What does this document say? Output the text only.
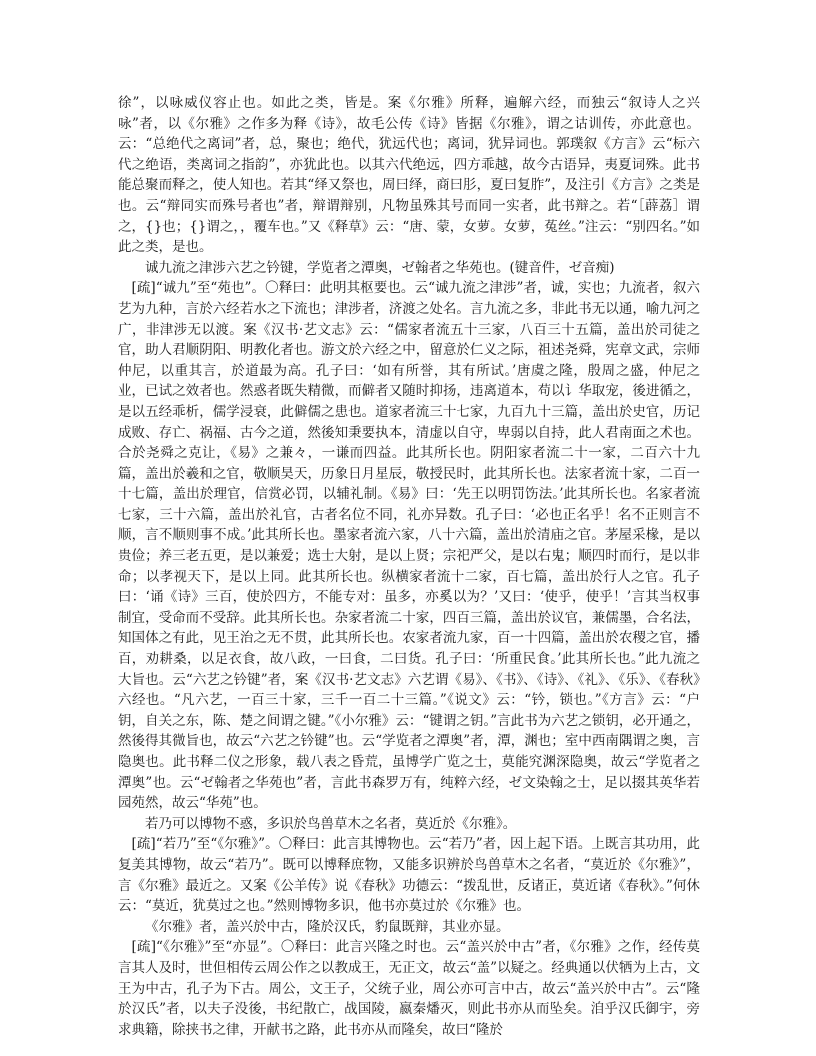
徐”，以咏威仪容止也。如此之类，皆是。案《尔雅》所释，遍解六经，而独云“叙诗人之兴咏”者，以《尔雅》之作多为释《诗》，故毛公传《诗》皆据《尔雅》，谓之诂训传，亦此意也。云：“总绝代之离词”者，总，聚也；绝代，犹远代也；离词，犹异词也。郭璞叙《方言》云“标六代之绝语，类离词之指韵”，亦犹此也。以其六代绝远，四方乖越，故今古语异，夷夏词殊。此书能总聚而释之，使人知也。若其“绎又祭也，周曰绎，商曰肜，夏曰复胙”，及注引《方言》之类是也。云“辩同实而殊号者也”者，辩谓辩别，凡物虽殊其号而同一实者，此书辩之。若“［薜荔］谓之，{}也；{}谓之，，覆车也。”又《释草》云：“唐、蒙，女萝。女萝，菟丝。”注云：“别四名。”如此之类，是也。

诚九流之津涉六艺之钤键，学览者之潭奥，ゼ翰者之华苑也。(键音件，ゼ音痴)

[疏]“诚九”至“苑也”。〇释曰：此明其枢要也。云“诚九流之津涉”者，诚，实也；九流者，叙六艺为九种，言於六经若水之下流也；津涉者，济渡之处名。言九流之多，非此书无以通，喻九河之广，非津涉无以渡。案《汉书·艺文志》云：“儒家者流五十三家，八百三十五篇，盖出於司徒之官，助人君顺阴阳、明教化者也。游文於六经之中，留意於仁义之际，祖述尧舜，宪章文武，宗师仲尼，以重其言，於道最为高。孔子曰：‘如有所誉，其有所试。’唐虞之隆，殷周之盛，仲尼之业，已试之效者也。然惑者既失精微，而僻者又随时抑扬，违离道本，苟以讠华取宠，後进循之，是以五经乖析，儒学浸衰，此僻儒之患也。道家者流三十七家，九百九十三篇，盖出於史官，历记成败、存亡、祸福、古今之道，然後知秉要执本，清虚以自守，卑弱以自持，此人君南面之术也。合於尧舜之克让，《易》之兼々，一谦而四益。此其所长也。阴阳家者流二十一家，二百六十九篇，盖出於羲和之官，敬顺昊天，历象日月星辰，敬授民时，此其所长也。法家者流十家，二百一十七篇，盖出於理官，信赏必罚，以辅礼制。《易》曰：‘先王以明罚饬法。’此其所长也。名家者流七家，三十六篇，盖出於礼官，古者名位不同，礼亦异数。孔子曰：‘必也正名乎！名不正则言不顺，言不顺则事不成。’此其所长也。墨家者流六家，八十六篇，盖出於清庙之官。茅屋采椽，是以贵俭；养三老五更，是以兼爱；选士大射，是以上贤；宗祀严父，是以右鬼；顺四时而行，是以非命；以孝视天下，是以上同。此其所长也。纵横家者流十二家，百七篇，盖出於行人之官。孔子曰：‘诵《诗》三百，使於四方，不能专对：虽多，亦奚以为？’又曰：‘使乎，使乎！’言其当权事制宜，受命而不受辞。此其所长也。杂家者流二十家，四百三篇，盖出於议官，兼儒墨，合名法，知国体之有此，见王治之无不贯，此其所长也。农家者流九家，百一十四篇，盖出於农稷之官，播百，劝耕桑，以足衣食，故八政，一曰食，二曰货。孔子曰：‘所重民食。’此其所长也。”此九流之大旨也。云“六艺之钤键”者，案《汉书·艺文志》六艺谓《易》、《书》、《诗》、《礼》、《乐》、《春秋》六经也。“凡六艺，一百三十家，三千一百二十三篇。”《说文》云：“钤，锁也。”《方言》云：“户钥，自关之东，陈、楚之间谓之键。”《小尔雅》云：“键谓之钥。”言此书为六艺之锁钥，必开通之，然後得其微旨也，故云“六艺之钤键”也。云“学览者之潭奥”者，潭，渊也；室中西南隅谓之奥，言隐奥也。此书释二仪之形象，载八表之昏荒，虽博学广览之士，莫能究渊深隐奥，故云“学览者之潭奥”也。云“ゼ翰者之华苑也”者，言此书森罗万有，纯粹六经，ゼ文染翰之士，足以掇其英华若园苑然，故云“华苑”也。

若乃可以博物不惑，多识於鸟兽草木之名者，莫近於《尔雅》。

[疏]“若乃”至“《尔雅》”。〇释曰：此言其博物也。云“若乃”者，因上起下语。上既言其功用，此复美其博物，故云“若乃”。既可以博释庶物，又能多识辨於鸟兽草木之名者，“莫近於《尔雅》”，言《尔雅》最近之。又案《公羊传》说《春秋》功德云：“拨乱世，反诸正，莫近诸《春秋》。”何休云：“莫近，犹莫过之也。”然则博物多识，他书亦莫过於《尔雅》也。

《尔雅》者，盖兴於中古，隆於汉氏，豹鼠既辩，其业亦显。

[疏]“《尔雅》”至“亦显”。〇释曰：此言兴隆之时也。云“盖兴於中古”者，《尔雅》之作，经传莫言其人及时，世但相传云周公作之以教成王，无正文，故云“盖”以疑之。经典通以伏牺为上古，文王为中古，孔子为下古。周公，文王子，父统子业，周公亦可言中古，故云“盖兴於中古”。云“隆於汉氏”者，以夫子没後，书纪散亡，战国陵，嬴秦燔灭，则此书亦从而坠矣。洎乎汉氏御宇，旁求典籍，除挟书之律，开献书之路，此书亦从而隆矣，故曰“隆於
